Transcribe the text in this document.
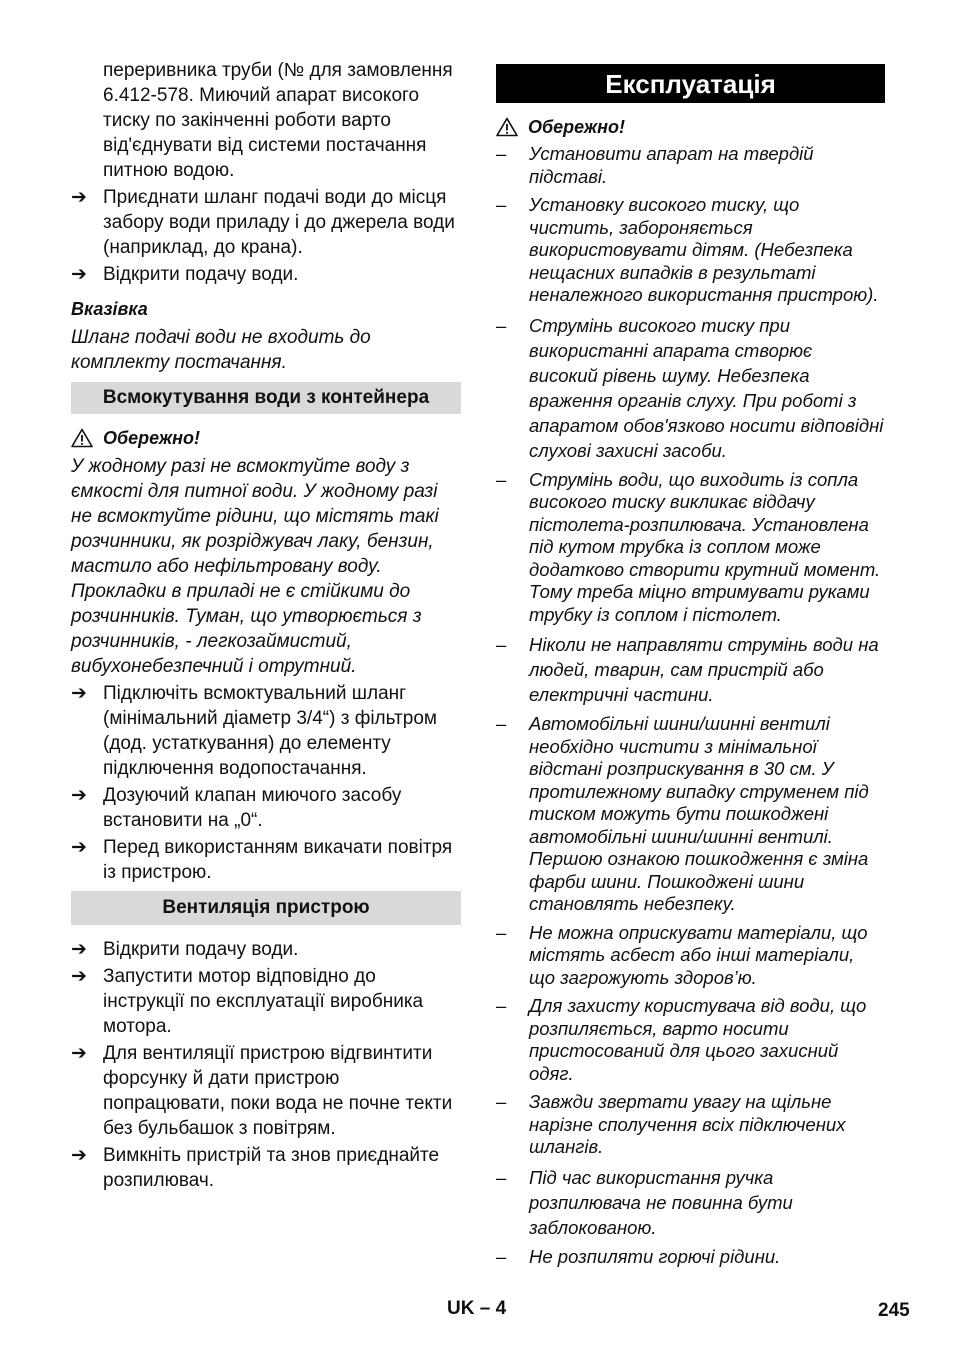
переривника труби (№ для замовлення 6.412-578. Миючий апарат високого тиску по закінченні роботи варто від'єднувати від системи постачання питною водою.

➔ Приєднати шланг подачі води до місця забору води приладу і до джерела води (наприклад, до крана).

➔ Відкрити подачу води.

Вказівка

Шланг подачі води не входить до комплекту постачання.

Всмокутування води з контейнера
Обережно!

У жодному разі не всмоктуйте воду з ємкості для питної води. У жодному разі не всмоктуйте рідини, що містять такі розчинники, як розріджувач лаку, бензин, мастило або нефільтровану воду. Прокладки в приладі не є стійкими до розчинників. Туман, що утворюється з розчинників, - легкозаймистий, вибухонебезпечний і отрутний.

➔ Підключіть всмоктувальний шланг (мінімальний діаметр 3/4“) з фільтром (дод. устаткування) до елементу підключення водопостачання.

➔ Дозуючий клапан миючого засобу встановити на „0“.

➔ Перед використанням викачати повітря із пристрою.

Вентиляція пристрою
➔ Відкрити подачу води.

➔ Запустити мотор відповідно до інструкції по експлуатації виробника мотора.

➔ Для вентиляції пристрою відгвинтити форсунку й дати пристрою попрацювати, поки вода не почне текти без бульбашок з повітрям.

➔ Вимкніть пристрій та знов приєднайте розпилювач.

Експлуатація
Обережно!
– Установити апарат на твердій підставі.
– Установку високого тиску, що чистить, забороняється використовувати дітям. (Небезпека нещасних випадків в результаті неналежного використання пристрою).
– Струмінь високого тиску при використанні апарата створює високий рівень шуму. Небезпека враження органів слуху. При роботі з апаратом обов'язково носити відповідні слухові захисні засоби.
– Струмінь води, що виходить із сопла високого тиску викликає віддачу пістолета-розпилювача. Установлена під кутом трубка із соплом може додатково створити крутний момент. Тому треба міцно втримувати руками трубку із соплом і пістолет.
– Ніколи не направляти струмінь води на людей, тварин, сам пристрій або електричні частини.
– Автомобільні шини/шинні вентилі необхідно чистити з мінімальної відстані розприскування в 30 см. У протилежному випадку струменем під тиском можуть бути пошкоджені автомобільні шини/шинні вентилі. Першою ознакою пошкодження є зміна фарби шини. Пошкоджені шини становлять небезпеку.
– Не можна оприскувати матеріали, що містять асбест або інші матеріали, що загрожують здоров’ю.
– Для захисту користувача від води, що розпиляється, варто носити пристосований для цього захисний одяг.
– Завжди звертати увагу на щільне нарізне сполучення всіх підключених шлангів.
– Під час використання ручка розпилювача не повинна бути заблокованою.
– Не розпиляти горючі рідини.
UK – 4	245
